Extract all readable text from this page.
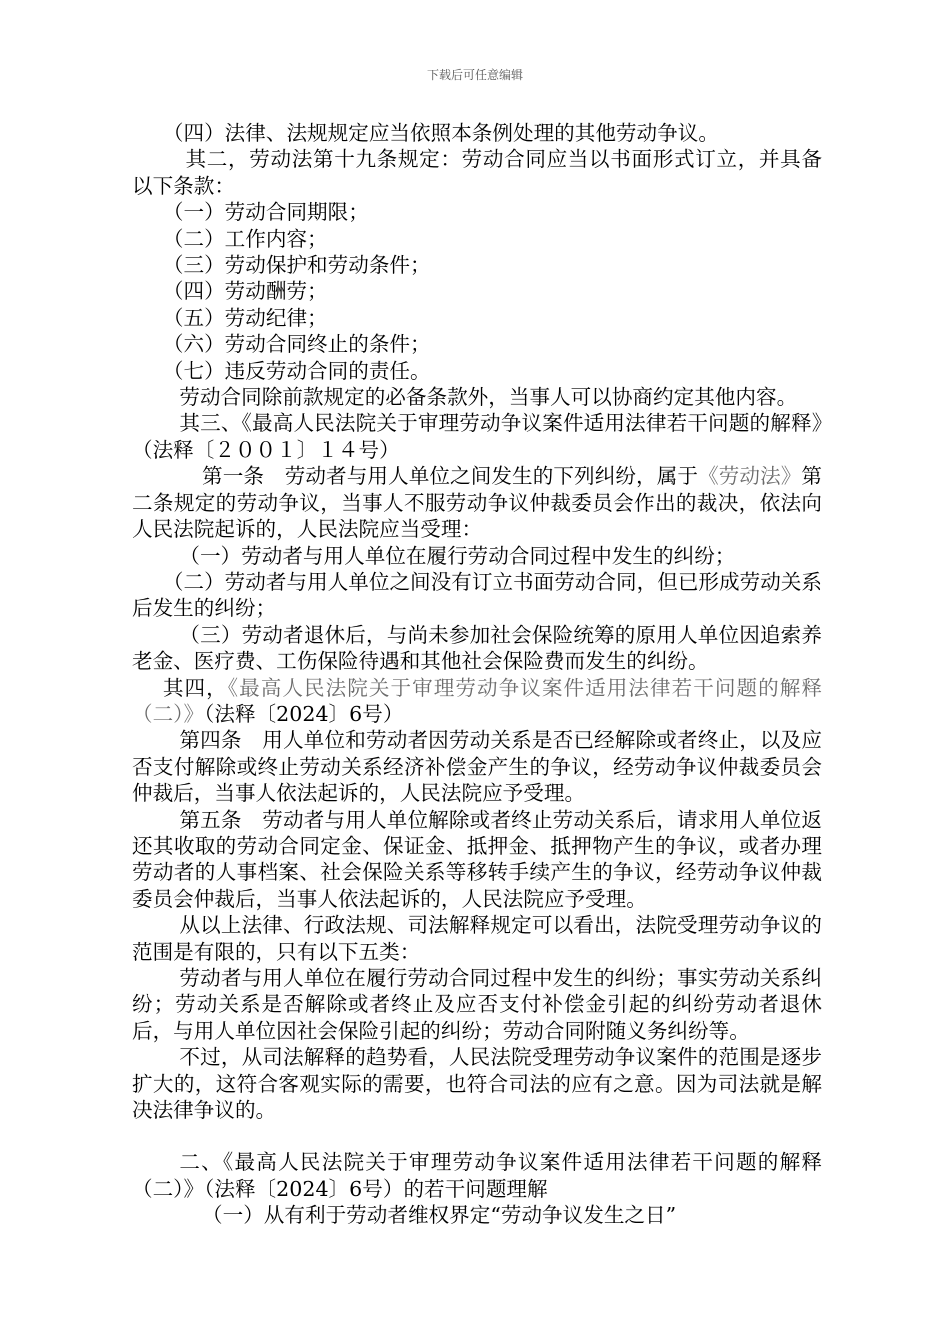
下载后可任意编辑

（四）法律、法规规定应当依照本条例处理的其他劳动争议。

其二，劳动法第十九条规定：劳动合同应当以书面形式订立，并具备以下条款：

（一）劳动合同期限；

（二）工作内容；

（三）劳动保护和劳动条件；

（四）劳动酬劳；

（五）劳动纪律；

（六）劳动合同终止的条件；

（七）违反劳动合同的责任。

劳动合同除前款规定的必备条款外，当事人可以协商约定其他内容。

其三、《最高人民法院关于审理劳动争议案件适用法律若干问题的解释》（法释〔２００１〕１４号）

第一条　劳动者与用人单位之间发生的下列纠纷，属于《劳动法》第二条规定的劳动争议，当事人不服劳动争议仲裁委员会作出的裁决，依法向人民法院起诉的，人民法院应当受理：

（一）劳动者与用人单位在履行劳动合同过程中发生的纠纷；

（二）劳动者与用人单位之间没有订立书面劳动合同，但已形成劳动关系后发生的纠纷；

（三）劳动者退休后，与尚未参加社会保险统筹的原用人单位因追索养老金、医疗费、工伤保险待遇和其他社会保险费而发生的纠纷。

其四，《最高人民法院关于审理劳动争议案件适用法律若干问题的解释（二）》（法释〔2024〕6号）

第四条　用人单位和劳动者因劳动关系是否已经解除或者终止，以及应否支付解除或终止劳动关系经济补偿金产生的争议，经劳动争议仲裁委员会仲裁后，当事人依法起诉的，人民法院应予受理。

第五条　劳动者与用人单位解除或者终止劳动关系后，请求用人单位返还其收取的劳动合同定金、保证金、抵押金、抵押物产生的争议，或者办理劳动者的人事档案、社会保险关系等移转手续产生的争议，经劳动争议仲裁委员会仲裁后，当事人依法起诉的，人民法院应予受理。

从以上法律、行政法规、司法解释规定可以看出，法院受理劳动争议的范围是有限的，只有以下五类：

劳动者与用人单位在履行劳动合同过程中发生的纠纷；事实劳动关系纠纷；劳动关系是否解除或者终止及应否支付补偿金引起的纠纷劳动者退休后，与用人单位因社会保险引起的纠纷；劳动合同附随义务纠纷等。

不过，从司法解释的趋势看，人民法院受理劳动争议案件的范围是逐步扩大的，这符合客观实际的需要，也符合司法的应有之意。因为司法就是解决法律争议的。

二、《最高人民法院关于审理劳动争议案件适用法律若干问题的解释（二）》（法释〔2024〕6号）的若干问题理解

（一）从有利于劳动者维权界定“劳动争议发生之日”
